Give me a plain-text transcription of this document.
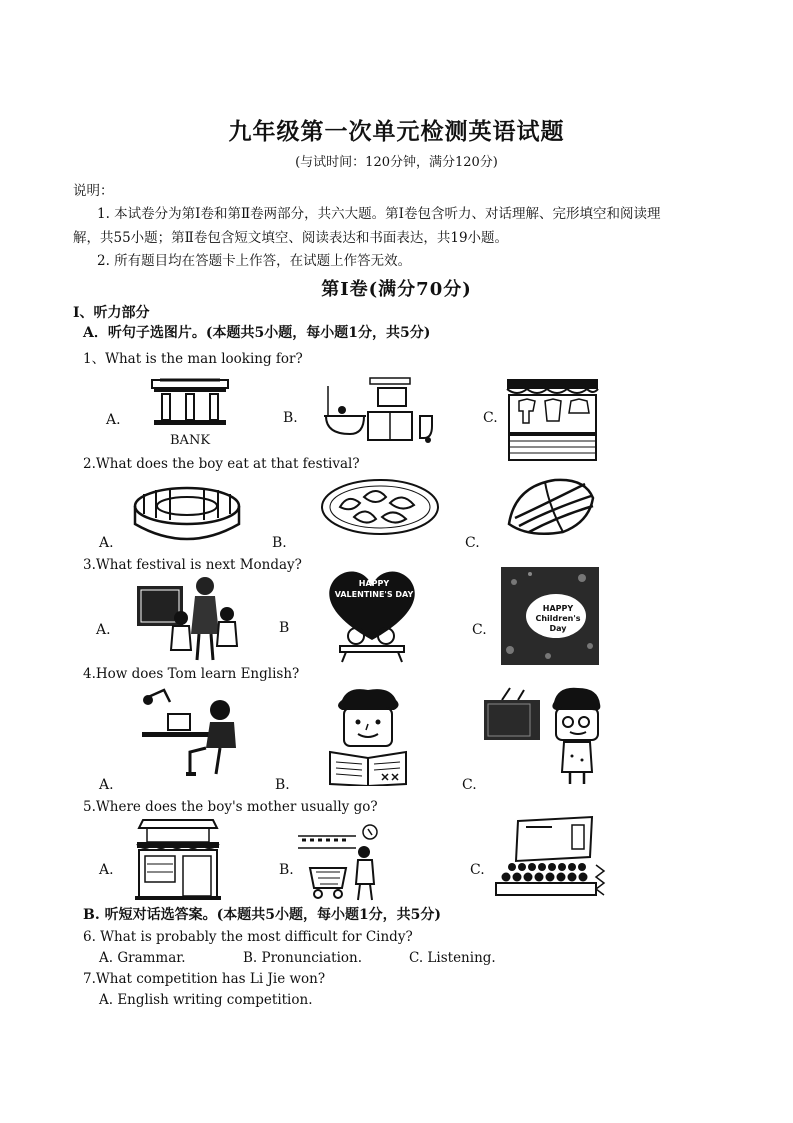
九年级第一次单元检测英语试题
(与试时间：120分钟，满分120分)
说明：
1. 本试卷分为第Ⅰ卷和第Ⅱ卷两部分，共六大题。第Ⅰ卷包含听力、对话理解、完形填空和阅读理
解，共55小题；第Ⅱ卷包含短文填空、阅读表达和书面表达，共19小题。
2. 所有题目均在答题卡上作答，在试题上作答无效。
第Ⅰ卷(满分70分)
I、听力部分
A．听句子选图片。(本题共5小题，每小题1分，共5分)
1、What is the man looking for?
A.
BANK
B.	C.
2.What does the boy eat at that festival?
A.	B.	C.
3.What festival is next Monday?
A.	B
HAPPY VALENTINE'S DAY
C.
HAPPY Children's Day
4.How does Tom learn English?
A.	B.	C.
5.Where does the boy's mother usually go?
A.	B.	C.
B. 听短对话选答案。(本题共5小题，每小题1分，共5分)
6. What is probably the most difficult for Cindy?
A. Grammar.	B. Pronunciation.	C. Listening.
7.What competition has Li Jie won?
A. English writing competition.
